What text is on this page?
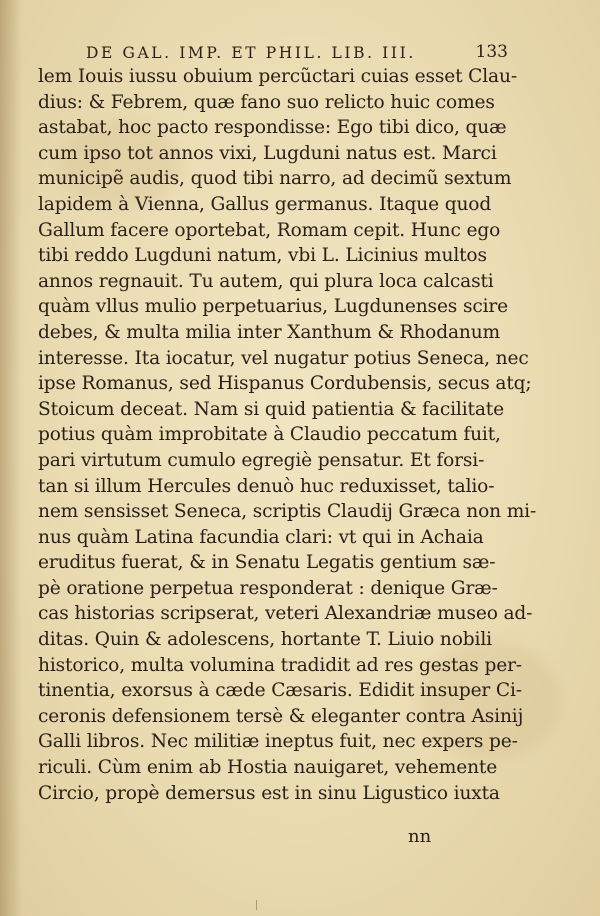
DE GAL. IMP. ET PHIL. LIB. III.	133
lem Iouis iussu obuium percũctari cuias esset Clau-
dius: & Febrem, quæ fano suo relicto huic comes
astabat, hoc pacto respondisse: Ego tibi dico, quæ
cum ipso tot annos vixi, Lugduni natus est. Marci
municipẽ audis, quod tibi narro, ad decimũ sextum
lapidem à Vienna, Gallus germanus. Itaque quod
Gallum facere oportebat, Romam cepit. Hunc ego
tibi reddo Lugduni natum, vbi L. Licinius multos
annos regnauit. Tu autem, qui plura loca calcasti
quàm vllus mulio perpetuarius, Lugdunenses scire
debes, & multa milia inter Xanthum & Rhodanum
interesse. Ita iocatur, vel nugatur potius Seneca, nec
ipse Romanus, sed Hispanus Cordubensis, secus atq;
Stoicum deceat. Nam si quid patientia & facilitate
potius quàm improbitate à Claudio peccatum fuit,
pari virtutum cumulo egregiè pensatur. Et forsi-
tan si illum Hercules denuò huc reduxisset, taliо-
nem sensisset Seneca, scriptis Claudij Græca non mi-
nus quàm Latina facundia clari: vt qui in Achaia
eruditus fuerat, & in Senatu Legatis gentium sæ-
pè oratione perpetua responderat : denique Græ-
cas historias scripserat, veteri Alexandriæ museo ad-
ditas. Quin & adolescens, hortante T. Liuio nobili
historico, multa volumina tradidit ad res gestas per-
tinentia, exorsus à cæde Cæsaris. Edidit insuper Ci-
ceronis defensionem tersè & eleganter contra Asinij
Galli libros. Nec militiæ ineptus fuit, nec expers pe-
riculi. Cùm enim ab Hostia nauigaret, vehemente
Circio, propè demersus est in sinu Ligustico iuxta
nn
